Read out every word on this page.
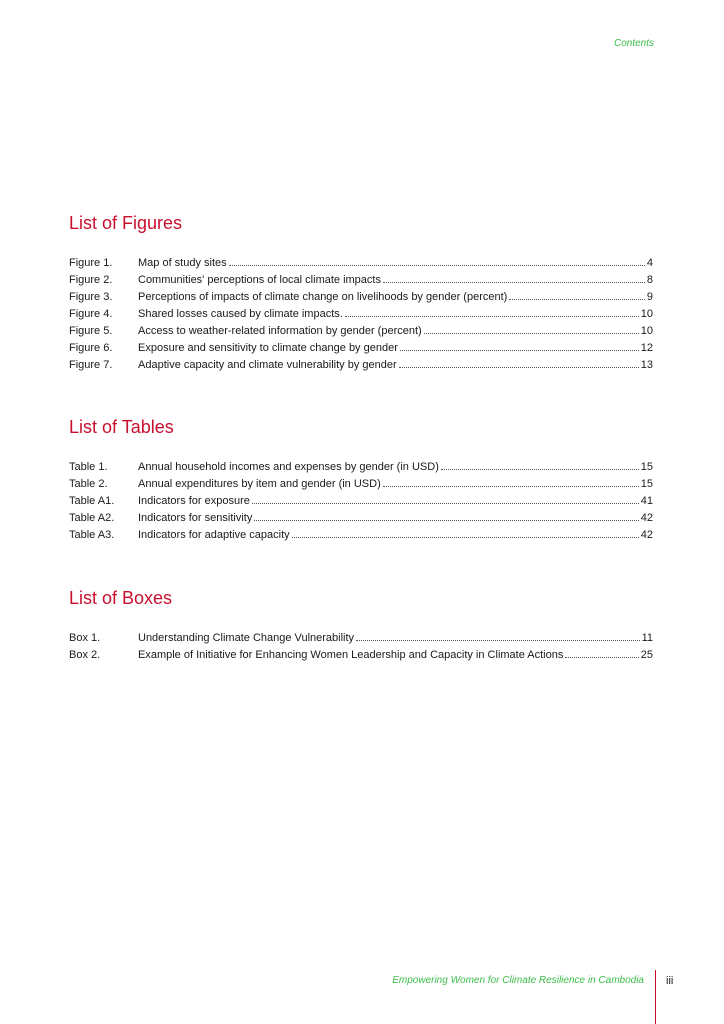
Contents
List of Figures
Figure 1.	Map of study sites	4
Figure 2.	Communities' perceptions of local climate impacts	8
Figure 3.	Perceptions of impacts of climate change on livelihoods by gender (percent)	9
Figure 4.	Shared losses caused by climate impacts.	10
Figure 5.	Access to weather-related information by gender (percent)	10
Figure 6.	Exposure and sensitivity to climate change by gender	12
Figure 7.	Adaptive capacity and climate vulnerability by gender	13
List of Tables
Table 1.	Annual household incomes and expenses by gender (in USD)	15
Table 2.	Annual expenditures by item and gender (in USD)	15
Table A1.	Indicators for exposure	41
Table A2.	Indicators for sensitivity	42
Table A3.	Indicators for adaptive capacity	42
List of Boxes
Box 1.	Understanding Climate Change Vulnerability	11
Box 2.	Example of Initiative for Enhancing Women Leadership and Capacity in Climate Actions	25
Empowering Women for Climate Resilience in Cambodia iii
